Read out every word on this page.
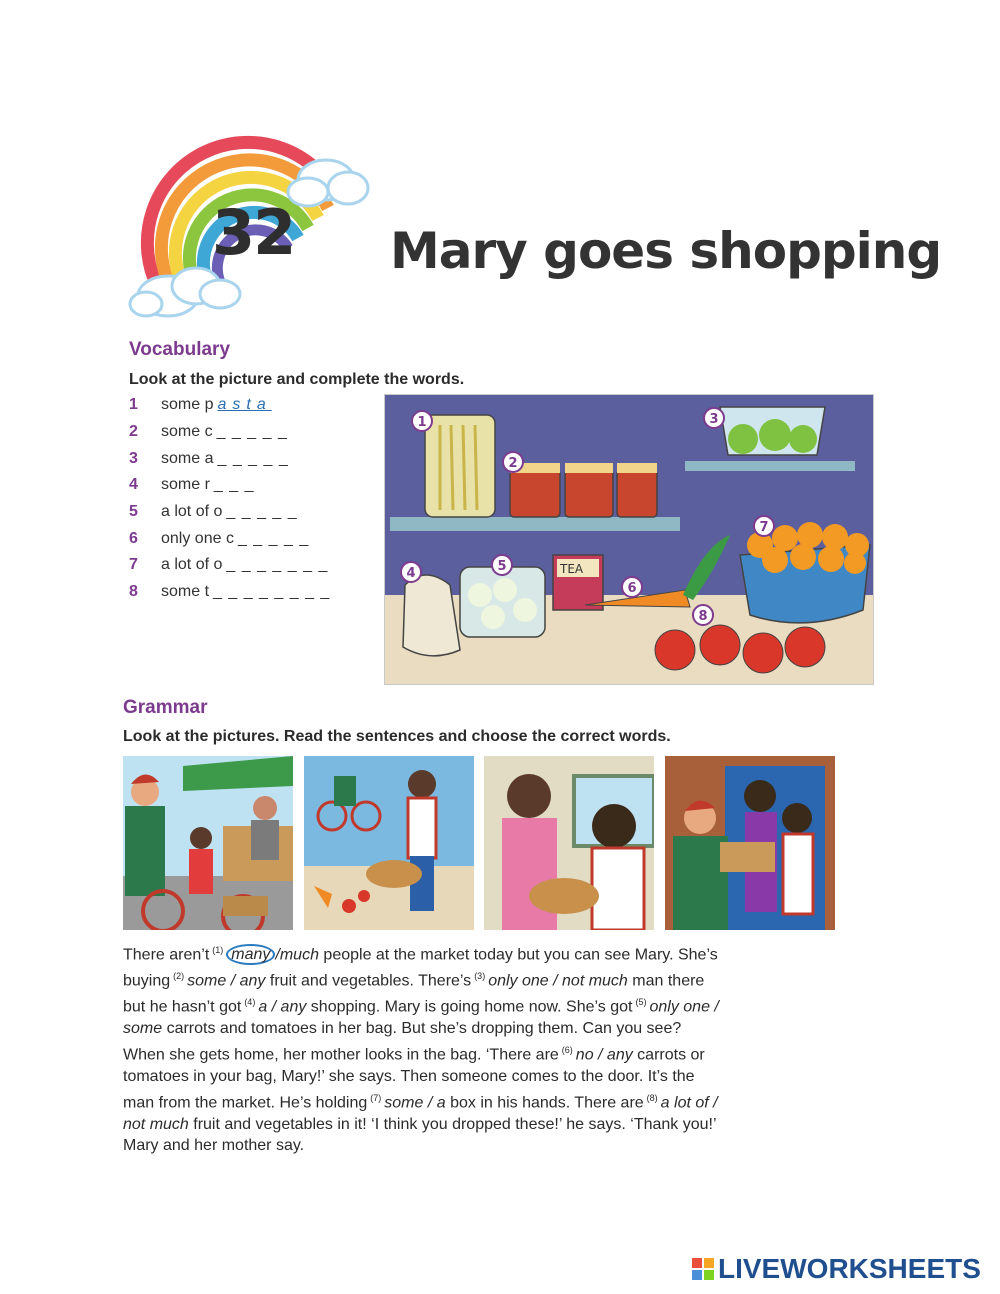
32 Mary goes shopping
Vocabulary
Look at the picture and complete the words.
1 some p asta
2 some c _ _ _ _ _
3 some a _ _ _ _ _
4 some r _ _ _
5 a lot of o _ _ _ _ _
6 only one c _ _ _ _ _
7 a lot of o _ _ _ _ _ _ _
8 some t _ _ _ _ _ _ _ _
TEA
1
2
3
4	5
6
7
8
Grammar
Look at the pictures. Read the sentences and choose the correct words.
There aren’t $^{(1)}$ many /much people at the market today but you can see Mary. She’s buying $^{(2)}$ some / any fruit and vegetables. There’s $^{(3)}$ only one / not much man there but he hasn’t got $^{(4)}$ a / any shopping. Mary is going home now. She’s got $^{(5)}$ only one / some carrots and tomatoes in her bag. But she’s dropping them. Can you see? When she gets home, her mother looks in the bag. ‘There are $^{(6)}$ no / any carrots or tomatoes in your bag, Mary!’ she says. Then someone comes to the door. It’s the man from the market. He’s holding $^{(7)}$ some / a box in his hands. There are $^{(8)}$ a lot of / not much fruit and vegetables in it! ‘I think you dropped these!’ he says. ‘Thank you!’ Mary and her mother say.
LIVEWORKSHEETS
